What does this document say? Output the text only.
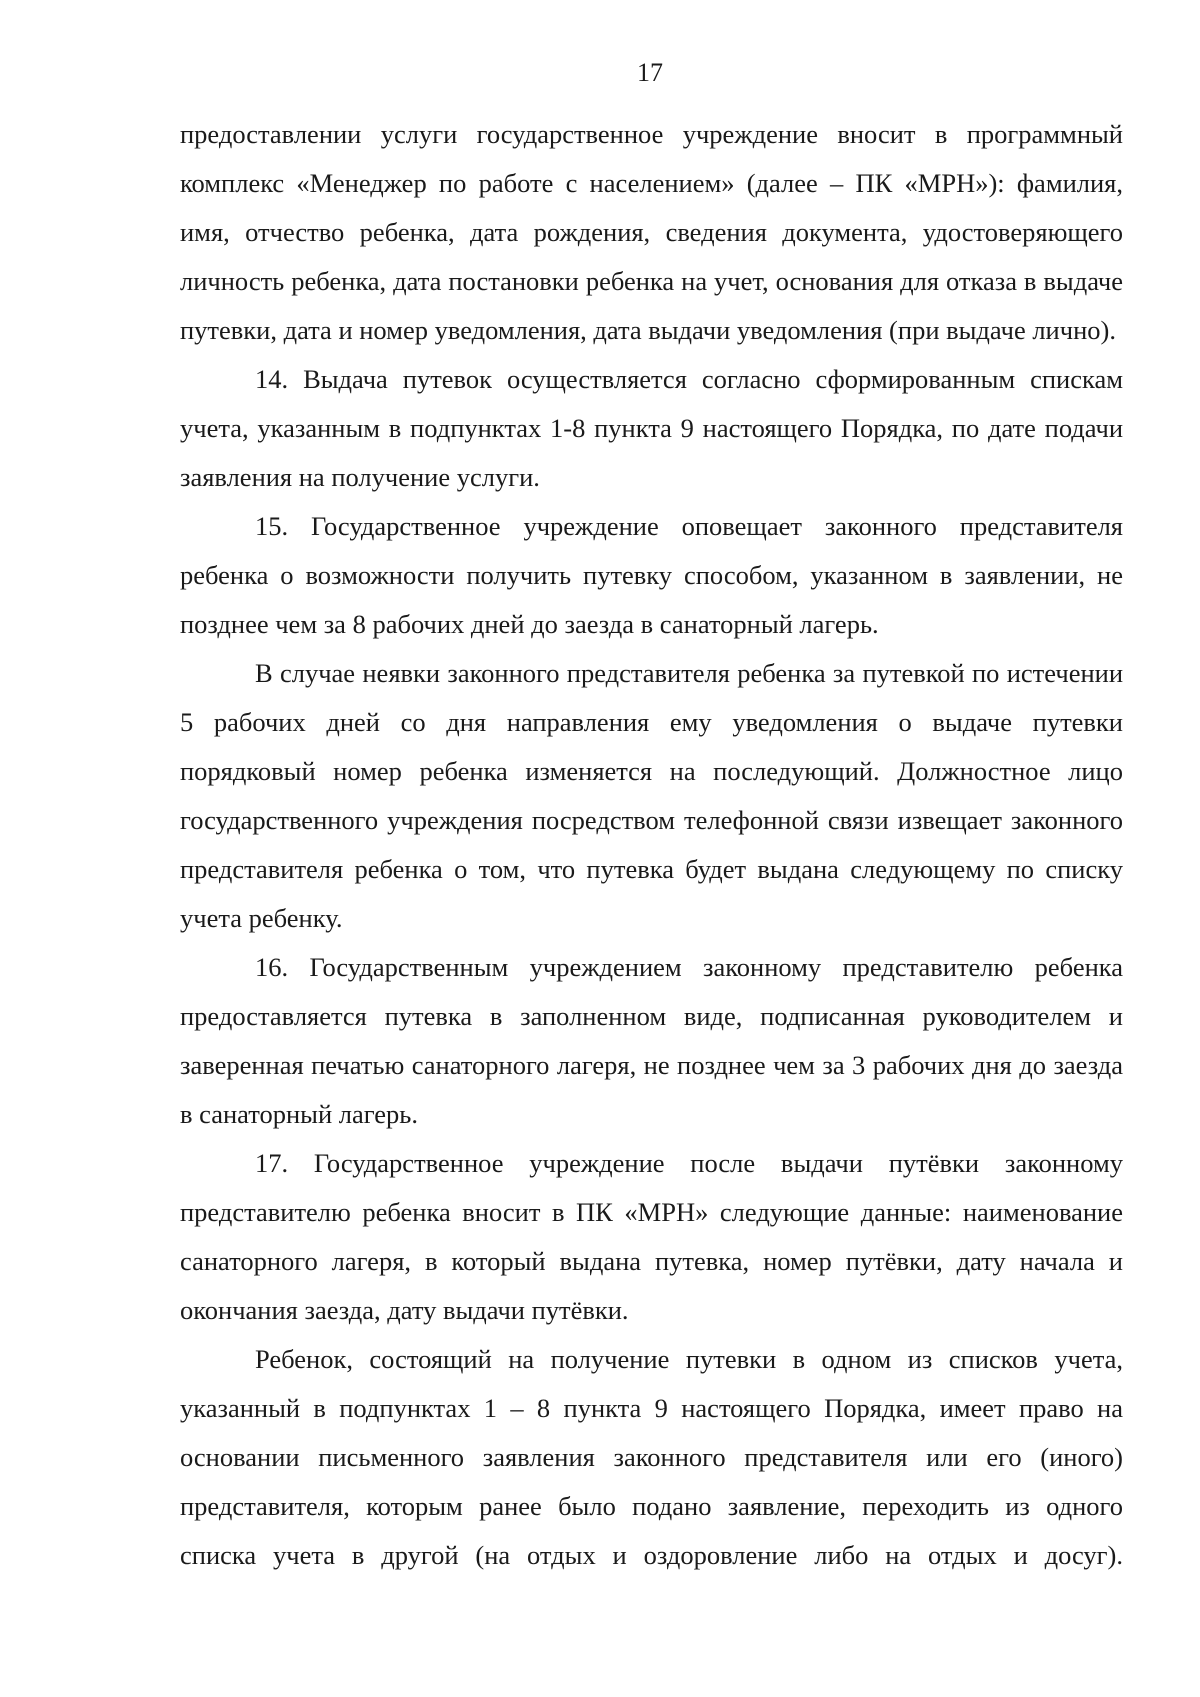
17

предоставлении услуги государственное учреждение вносит в программный комплекс «Менеджер по работе с населением» (далее – ПК «МРН»): фамилия, имя, отчество ребенка, дата рождения, сведения документа, удостоверяющего личность ребенка, дата постановки ребенка на учет, основания для отказа в выдаче путевки, дата и номер уведомления, дата выдачи уведомления (при выдаче лично).

14. Выдача путевок осуществляется согласно сформированным спискам учета, указанным в подпунктах 1-8 пункта 9 настоящего Порядка, по дате подачи заявления на получение услуги.

15. Государственное учреждение оповещает законного представителя ребенка о возможности получить путевку способом, указанном в заявлении, не позднее чем за 8 рабочих дней до заезда в санаторный лагерь.

В случае неявки законного представителя ребенка за путевкой по истечении 5 рабочих дней со дня направления ему уведомления о выдаче путевки порядковый номер ребенка изменяется на последующий. Должностное лицо государственного учреждения посредством телефонной связи извещает законного представителя ребенка о том, что путевка будет выдана следующему по списку учета ребенку.

16. Государственным учреждением законному представителю ребенка предоставляется путевка в заполненном виде, подписанная руководителем и заверенная печатью санаторного лагеря, не позднее чем за 3 рабочих дня до заезда в санаторный лагерь.

17. Государственное учреждение после выдачи путёвки законному представителю ребенка вносит в ПК «МРН» следующие данные: наименование санаторного лагеря, в который выдана путевка, номер путёвки, дату начала и окончания заезда, дату выдачи путёвки.

Ребенок, состоящий на получение путевки в одном из списков учета, указанный в подпунктах 1 – 8 пункта 9 настоящего Порядка, имеет право на основании письменного заявления законного представителя или его (иного) представителя, которым ранее было подано заявление, переходить из одного списка учета в другой (на отдых и оздоровление либо на отдых и досуг).
